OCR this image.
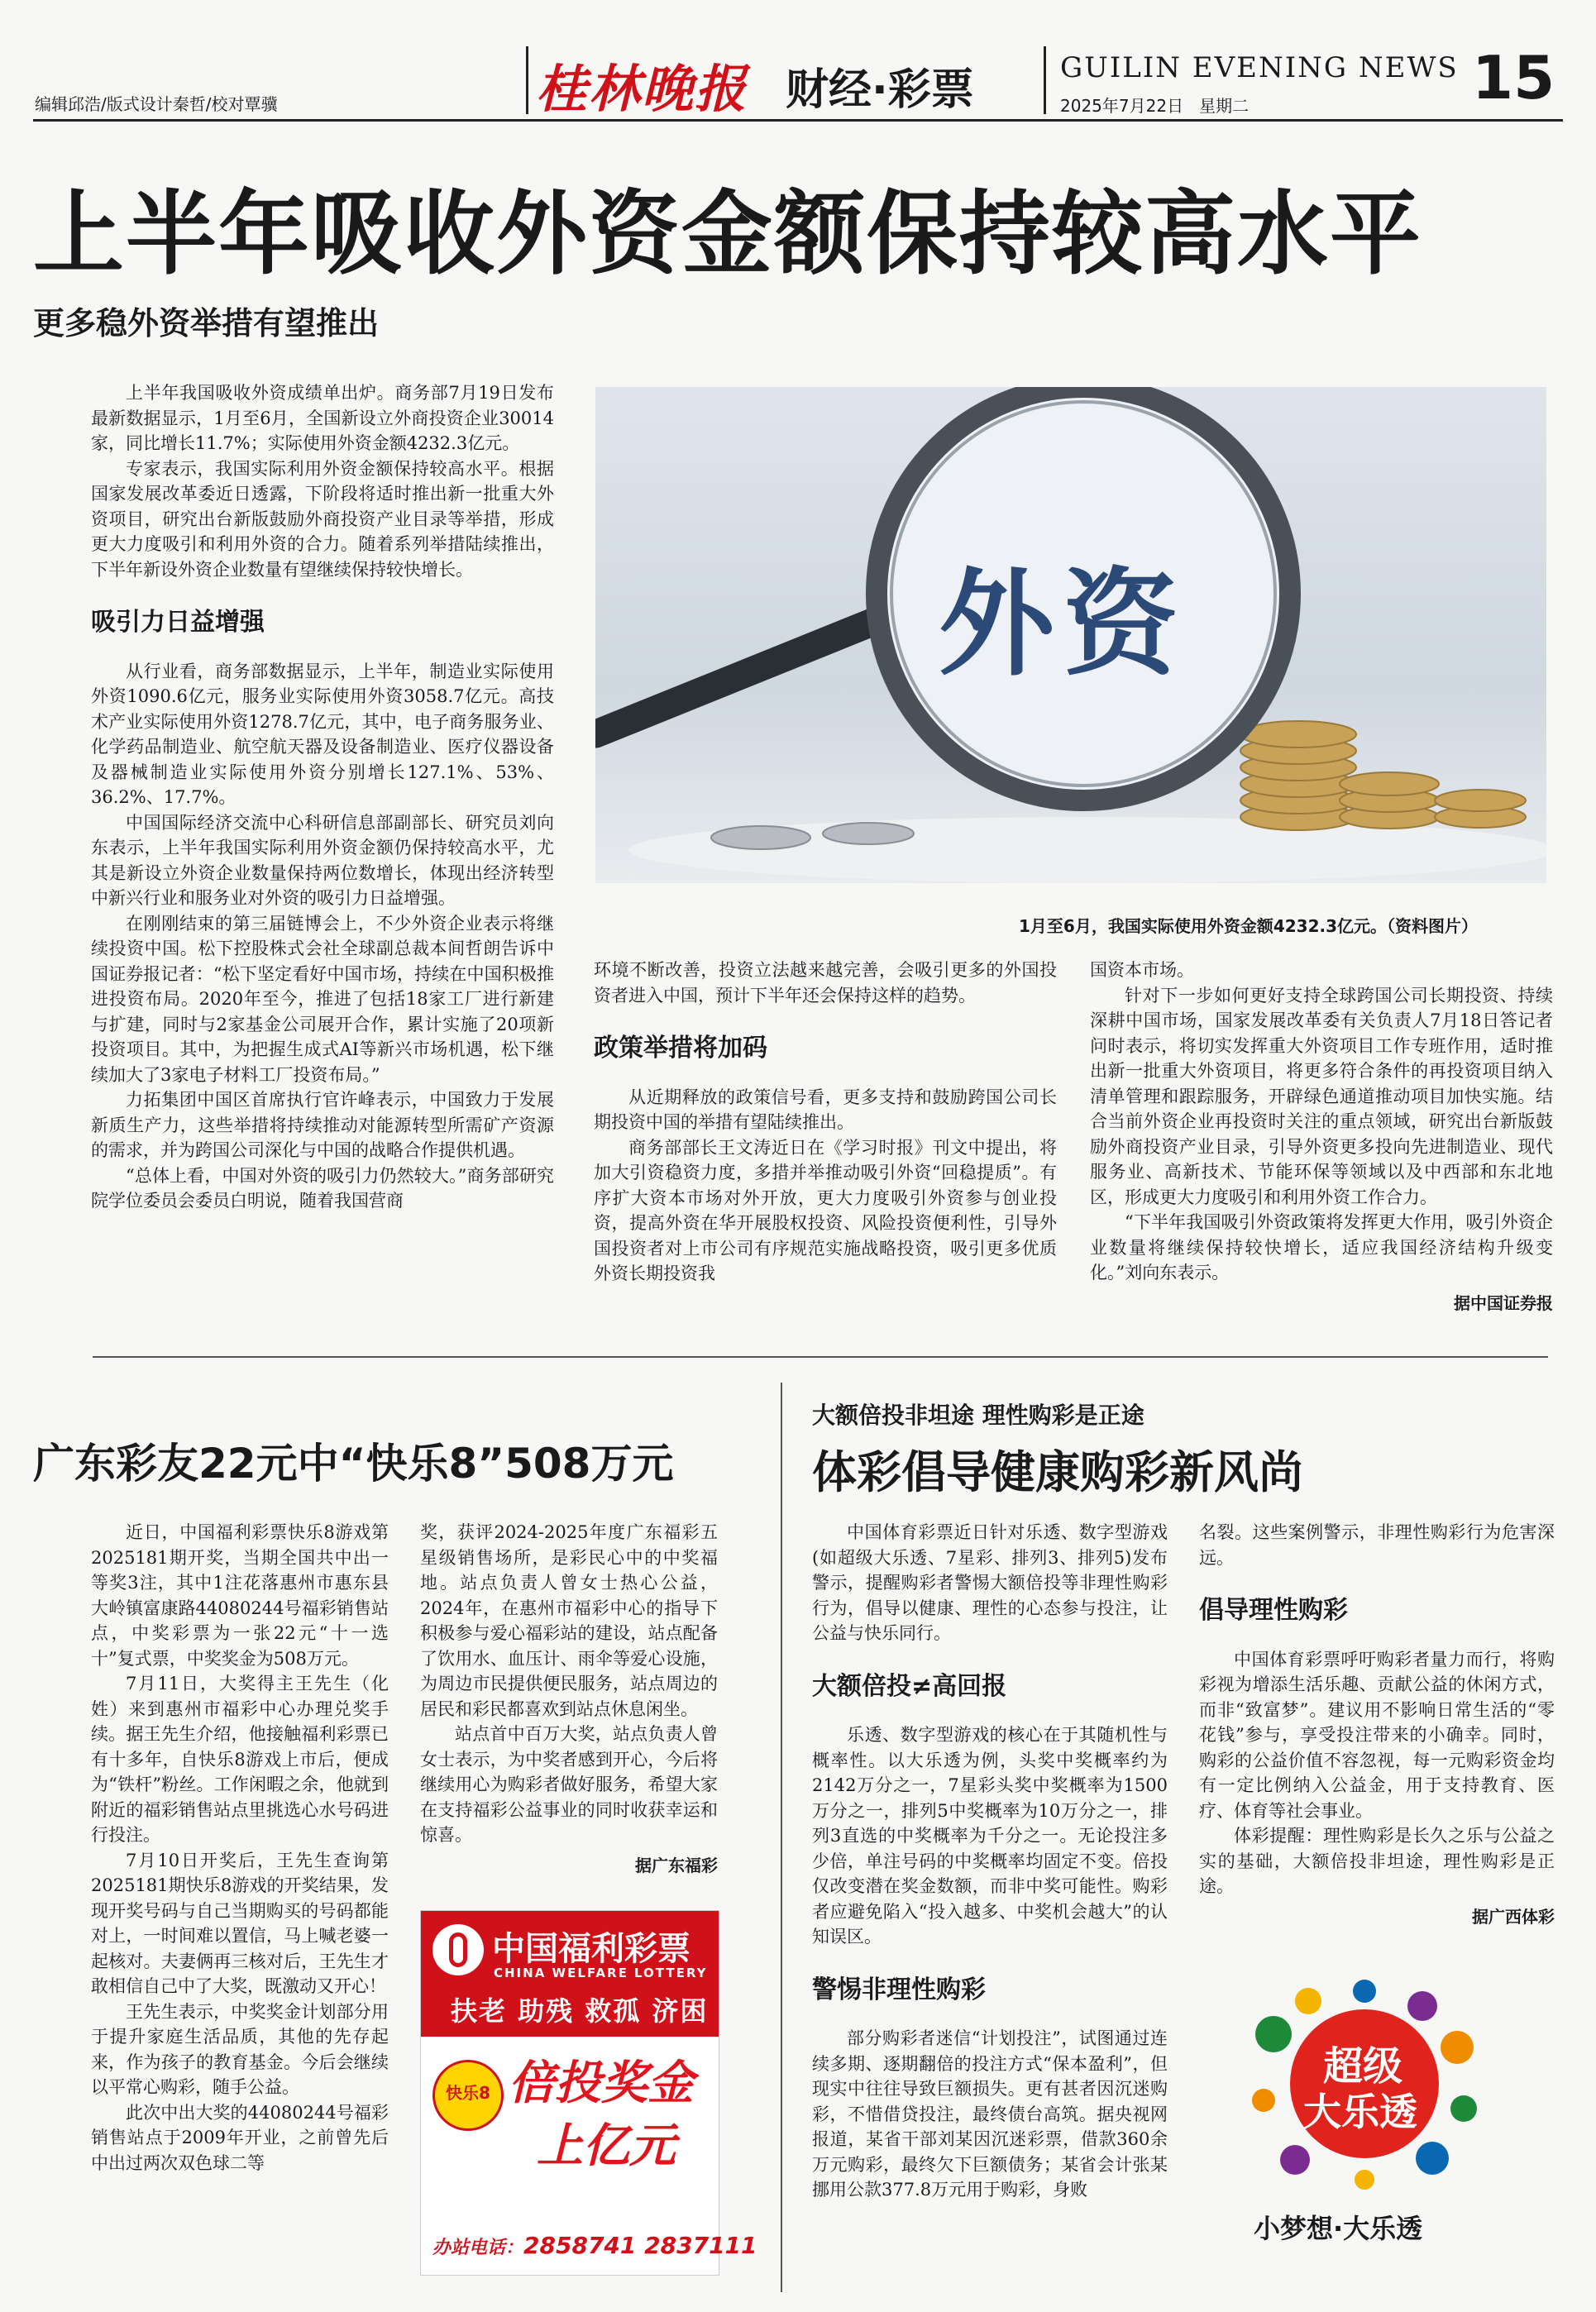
编辑邱浩/版式设计秦哲/校对覃骥	桂林晚报 财经·彩票	GUILIN EVENING NEWS
2025年7月22日 星期二	15
上半年吸收外资金额保持较高水平
更多稳外资举措有望推出
外资
1月至6月，我国实际使用外资金额4232.3亿元。（资料图片）

上半年我国吸收外资成绩单出炉。商务部7月19日发布最新数据显示，1月至6月，全国新设立外商投资企业30014家，同比增长11.7%；实际使用外资金额4232.3亿元。

专家表示，我国实际利用外资金额保持较高水平。根据国家发展改革委近日透露，下阶段将适时推出新一批重大外资项目，研究出台新版鼓励外商投资产业目录等举措，形成更大力度吸引和利用外资的合力。随着系列举措陆续推出，下半年新设外资企业数量有望继续保持较快增长。

吸引力日益增强

从行业看，商务部数据显示，上半年，制造业实际使用外资1090.6亿元，服务业实际使用外资3058.7亿元。高技术产业实际使用外资1278.7亿元，其中，电子商务服务业、化学药品制造业、航空航天器及设备制造业、医疗仪器设备及器械制造业实际使用外资分别增长127.1%、53%、36.2%、17.7%。

中国国际经济交流中心科研信息部副部长、研究员刘向东表示，上半年我国实际利用外资金额仍保持较高水平，尤其是新设立外资企业数量保持两位数增长，体现出经济转型中新兴行业和服务业对外资的吸引力日益增强。

在刚刚结束的第三届链博会上，不少外资企业表示将继续投资中国。松下控股株式会社全球副总裁本间哲朗告诉中国证券报记者：“松下坚定看好中国市场，持续在中国积极推进投资布局。2020年至今，推进了包括18家工厂进行新建与扩建，同时与2家基金公司展开合作，累计实施了20项新投资项目。其中，为把握生成式AI等新兴市场机遇，松下继续加大了3家电子材料工厂投资布局。”

力拓集团中国区首席执行官许峰表示，中国致力于发展新质生产力，这些举措将持续推动对能源转型所需矿产资源的需求，并为跨国公司深化与中国的战略合作提供机遇。

“总体上看，中国对外资的吸引力仍然较大。”商务部研究院学位委员会委员白明说，随着我国营商

环境不断改善，投资立法越来越完善，会吸引更多的外国投资者进入中国，预计下半年还会保持这样的趋势。

政策举措将加码

从近期释放的政策信号看，更多支持和鼓励跨国公司长期投资中国的举措有望陆续推出。

商务部部长王文涛近日在《学习时报》刊文中提出，将加大引资稳资力度，多措并举推动吸引外资“回稳提质”。有序扩大资本市场对外开放，更大力度吸引外资参与创业投资，提高外资在华开展股权投资、风险投资便利性，引导外国投资者对上市公司有序规范实施战略投资，吸引更多优质外资长期投资我

国资本市场。

针对下一步如何更好支持全球跨国公司长期投资、持续深耕中国市场，国家发展改革委有关负责人7月18日答记者问时表示，将切实发挥重大外资项目工作专班作用，适时推出新一批重大外资项目，将更多符合条件的再投资项目纳入清单管理和跟踪服务，开辟绿色通道推动项目加快实施。结合当前外资企业再投资时关注的重点领域，研究出台新版鼓励外商投资产业目录，引导外资更多投向先进制造业、现代服务业、高新技术、节能环保等领域以及中西部和东北地区，形成更大力度吸引和利用外资工作合力。

“下半年我国吸引外资政策将发挥更大作用，吸引外资企业数量将继续保持较快增长，适应我国经济结构升级变化。”刘向东表示。

据中国证券报
广东彩友22元中“快乐8”508万元

近日，中国福利彩票快乐8游戏第2025181期开奖，当期全国共中出一等奖3注，其中1注花落惠州市惠东县大岭镇富康路44080244号福彩销售站点，中奖彩票为一张22元“十一选十”复式票，中奖奖金为508万元。

7月11日，大奖得主王先生（化姓）来到惠州市福彩中心办理兑奖手续。据王先生介绍，他接触福利彩票已有十多年，自快乐8游戏上市后，便成为“铁杆”粉丝。工作闲暇之余，他就到附近的福彩销售站点里挑选心水号码进行投注。

7月10日开奖后，王先生查询第2025181期快乐8游戏的开奖结果，发现开奖号码与自己当期购买的号码都能对上，一时间难以置信，马上喊老婆一起核对。夫妻俩再三核对后，王先生才敢相信自己中了大奖，既激动又开心！

王先生表示，中奖奖金计划部分用于提升家庭生活品质，其他的先存起来，作为孩子的教育基金。今后会继续以平常心购彩，随手公益。

此次中出大奖的44080244号福彩销售站点于2009年开业，之前曾先后中出过两次双色球二等

奖，获评2024-2025年度广东福彩五星级销售场所，是彩民心中的中奖福地。站点负责人曾女士热心公益，2024年，在惠州市福彩中心的指导下积极参与爱心福彩站的建设，站点配备了饮用水、血压计、雨伞等爱心设施，为周边市民提供便民服务，站点周边的居民和彩民都喜欢到站点休息闲坐。

站点首中百万大奖，站点负责人曾女士表示，为中奖者感到开心，今后将继续用心为购彩者做好服务，希望大家在支持福彩公益事业的同时收获幸运和惊喜。

据广东福彩
中国福利彩票
CHINA WELFARE LOTTERY
扶老 助残 救孤 济困
快乐8 倍投奖金
上亿元
办站电话：2858741 2837111
大额倍投非坦途 理性购彩是正途
体彩倡导健康购彩新风尚

中国体育彩票近日针对乐透、数字型游戏(如超级大乐透、7星彩、排列3、排列5)发布警示，提醒购彩者警惕大额倍投等非理性购彩行为，倡导以健康、理性的心态参与投注，让公益与快乐同行。

大额倍投≠高回报

乐透、数字型游戏的核心在于其随机性与概率性。以大乐透为例，头奖中奖概率约为2142万分之一，7星彩头奖中奖概率为1500万分之一，排列5中奖概率为10万分之一，排列3直选的中奖概率为千分之一。无论投注多少倍，单注号码的中奖概率均固定不变。倍投仅改变潜在奖金数额，而非中奖可能性。购彩者应避免陷入“投入越多、中奖机会越大”的认知误区。

警惕非理性购彩

部分购彩者迷信“计划投注”，试图通过连续多期、逐期翻倍的投注方式“保本盈利”，但现实中往往导致巨额损失。更有甚者因沉迷购彩，不惜借贷投注，最终债台高筑。据央视网报道，某省干部刘某因沉迷彩票，借款360余万元购彩，最终欠下巨额债务；某省会计张某挪用公款377.8万元用于购彩，身败

名裂。这些案例警示，非理性购彩行为危害深远。

倡导理性购彩

中国体育彩票呼吁购彩者量力而行，将购彩视为增添生活乐趣、贡献公益的休闲方式，而非“致富梦”。建议用不影响日常生活的“零花钱”参与，享受投注带来的小确幸。同时，购彩的公益价值不容忽视，每一元购彩资金均有一定比例纳入公益金，用于支持教育、医疗、体育等社会事业。

体彩提醒：理性购彩是长久之乐与公益之实的基础，大额倍投非坦途，理性购彩是正途。

据广西体彩
超级
大乐透
小梦想·大乐透
